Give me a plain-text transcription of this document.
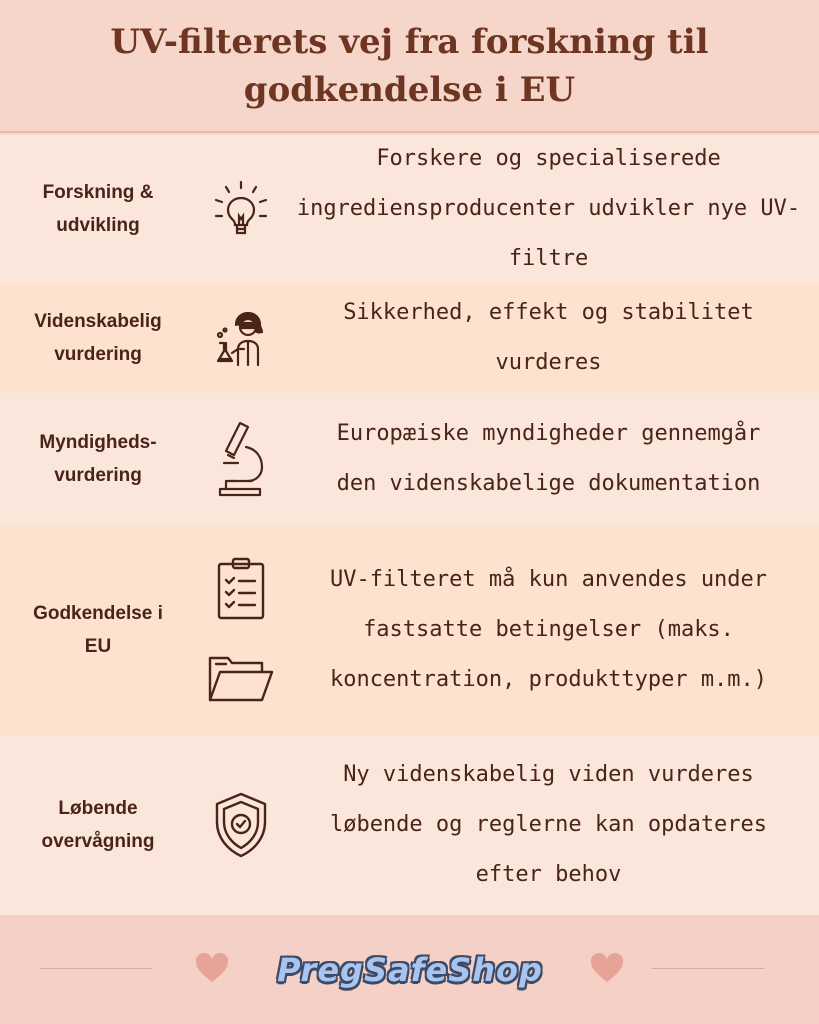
UV-filterets vej fra forskning til godkendelse i EU
Forskning &
udvikling
Forskere og specialiserede
ingrediensproducenter udvikler nye UV-
filtre
Videnskabelig
vurdering
Sikkerhed, effekt og stabilitet vurderes
Myndigheds-
vurdering
Europæiske myndigheder gennemgår
den videnskabelige dokumentation
Godkendelse i
EU
UV-filteret må kun anvendes under
fastsatte betingelser (maks.
koncentration, produkttyper m.m.)
Løbende
overvågning
Ny videnskabelig viden vurderes
løbende og reglerne kan opdateres
efter behov
PregSafeShop
